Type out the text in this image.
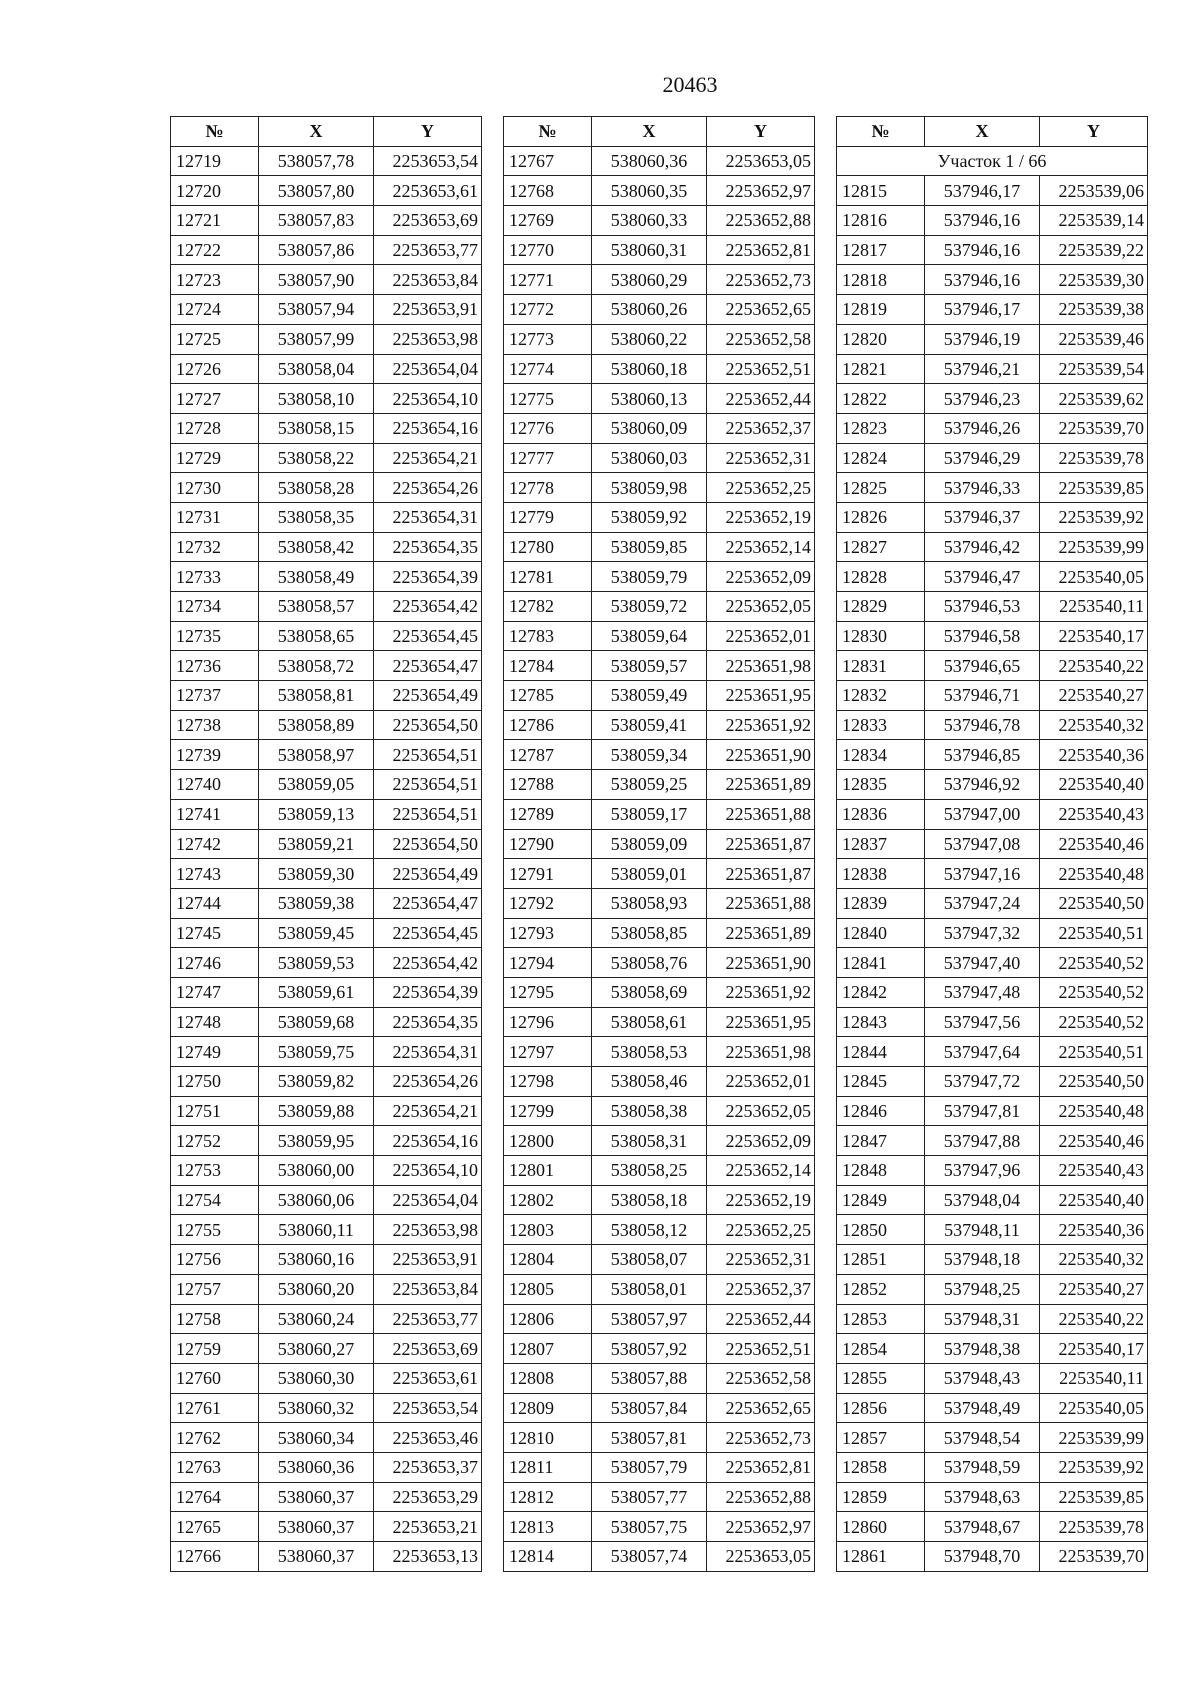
20463
№	X	Y
12719	538057,78	2253653,54
12720	538057,80	2253653,61
12721	538057,83	2253653,69
12722	538057,86	2253653,77
12723	538057,90	2253653,84
12724	538057,94	2253653,91
12725	538057,99	2253653,98
12726	538058,04	2253654,04
12727	538058,10	2253654,10
12728	538058,15	2253654,16
12729	538058,22	2253654,21
12730	538058,28	2253654,26
12731	538058,35	2253654,31
12732	538058,42	2253654,35
12733	538058,49	2253654,39
12734	538058,57	2253654,42
12735	538058,65	2253654,45
12736	538058,72	2253654,47
12737	538058,81	2253654,49
12738	538058,89	2253654,50
12739	538058,97	2253654,51
12740	538059,05	2253654,51
12741	538059,13	2253654,51
12742	538059,21	2253654,50
12743	538059,30	2253654,49
12744	538059,38	2253654,47
12745	538059,45	2253654,45
12746	538059,53	2253654,42
12747	538059,61	2253654,39
12748	538059,68	2253654,35
12749	538059,75	2253654,31
12750	538059,82	2253654,26
12751	538059,88	2253654,21
12752	538059,95	2253654,16
12753	538060,00	2253654,10
12754	538060,06	2253654,04
12755	538060,11	2253653,98
12756	538060,16	2253653,91
12757	538060,20	2253653,84
12758	538060,24	2253653,77
12759	538060,27	2253653,69
12760	538060,30	2253653,61
12761	538060,32	2253653,54
12762	538060,34	2253653,46
12763	538060,36	2253653,37
12764	538060,37	2253653,29
12765	538060,37	2253653,21
12766	538060,37	2253653,13
№	X	Y
12767	538060,36	2253653,05
12768	538060,35	2253652,97
12769	538060,33	2253652,88
12770	538060,31	2253652,81
12771	538060,29	2253652,73
12772	538060,26	2253652,65
12773	538060,22	2253652,58
12774	538060,18	2253652,51
12775	538060,13	2253652,44
12776	538060,09	2253652,37
12777	538060,03	2253652,31
12778	538059,98	2253652,25
12779	538059,92	2253652,19
12780	538059,85	2253652,14
12781	538059,79	2253652,09
12782	538059,72	2253652,05
12783	538059,64	2253652,01
12784	538059,57	2253651,98
12785	538059,49	2253651,95
12786	538059,41	2253651,92
12787	538059,34	2253651,90
12788	538059,25	2253651,89
12789	538059,17	2253651,88
12790	538059,09	2253651,87
12791	538059,01	2253651,87
12792	538058,93	2253651,88
12793	538058,85	2253651,89
12794	538058,76	2253651,90
12795	538058,69	2253651,92
12796	538058,61	2253651,95
12797	538058,53	2253651,98
12798	538058,46	2253652,01
12799	538058,38	2253652,05
12800	538058,31	2253652,09
12801	538058,25	2253652,14
12802	538058,18	2253652,19
12803	538058,12	2253652,25
12804	538058,07	2253652,31
12805	538058,01	2253652,37
12806	538057,97	2253652,44
12807	538057,92	2253652,51
12808	538057,88	2253652,58
12809	538057,84	2253652,65
12810	538057,81	2253652,73
12811	538057,79	2253652,81
12812	538057,77	2253652,88
12813	538057,75	2253652,97
12814	538057,74	2253653,05
№	X	Y
Участок 1 / 66		
12815	537946,17	2253539,06
12816	537946,16	2253539,14
12817	537946,16	2253539,22
12818	537946,16	2253539,30
12819	537946,17	2253539,38
12820	537946,19	2253539,46
12821	537946,21	2253539,54
12822	537946,23	2253539,62
12823	537946,26	2253539,70
12824	537946,29	2253539,78
12825	537946,33	2253539,85
12826	537946,37	2253539,92
12827	537946,42	2253539,99
12828	537946,47	2253540,05
12829	537946,53	2253540,11
12830	537946,58	2253540,17
12831	537946,65	2253540,22
12832	537946,71	2253540,27
12833	537946,78	2253540,32
12834	537946,85	2253540,36
12835	537946,92	2253540,40
12836	537947,00	2253540,43
12837	537947,08	2253540,46
12838	537947,16	2253540,48
12839	537947,24	2253540,50
12840	537947,32	2253540,51
12841	537947,40	2253540,52
12842	537947,48	2253540,52
12843	537947,56	2253540,52
12844	537947,64	2253540,51
12845	537947,72	2253540,50
12846	537947,81	2253540,48
12847	537947,88	2253540,46
12848	537947,96	2253540,43
12849	537948,04	2253540,40
12850	537948,11	2253540,36
12851	537948,18	2253540,32
12852	537948,25	2253540,27
12853	537948,31	2253540,22
12854	537948,38	2253540,17
12855	537948,43	2253540,11
12856	537948,49	2253540,05
12857	537948,54	2253539,99
12858	537948,59	2253539,92
12859	537948,63	2253539,85
12860	537948,67	2253539,78
12861	537948,70	2253539,70
